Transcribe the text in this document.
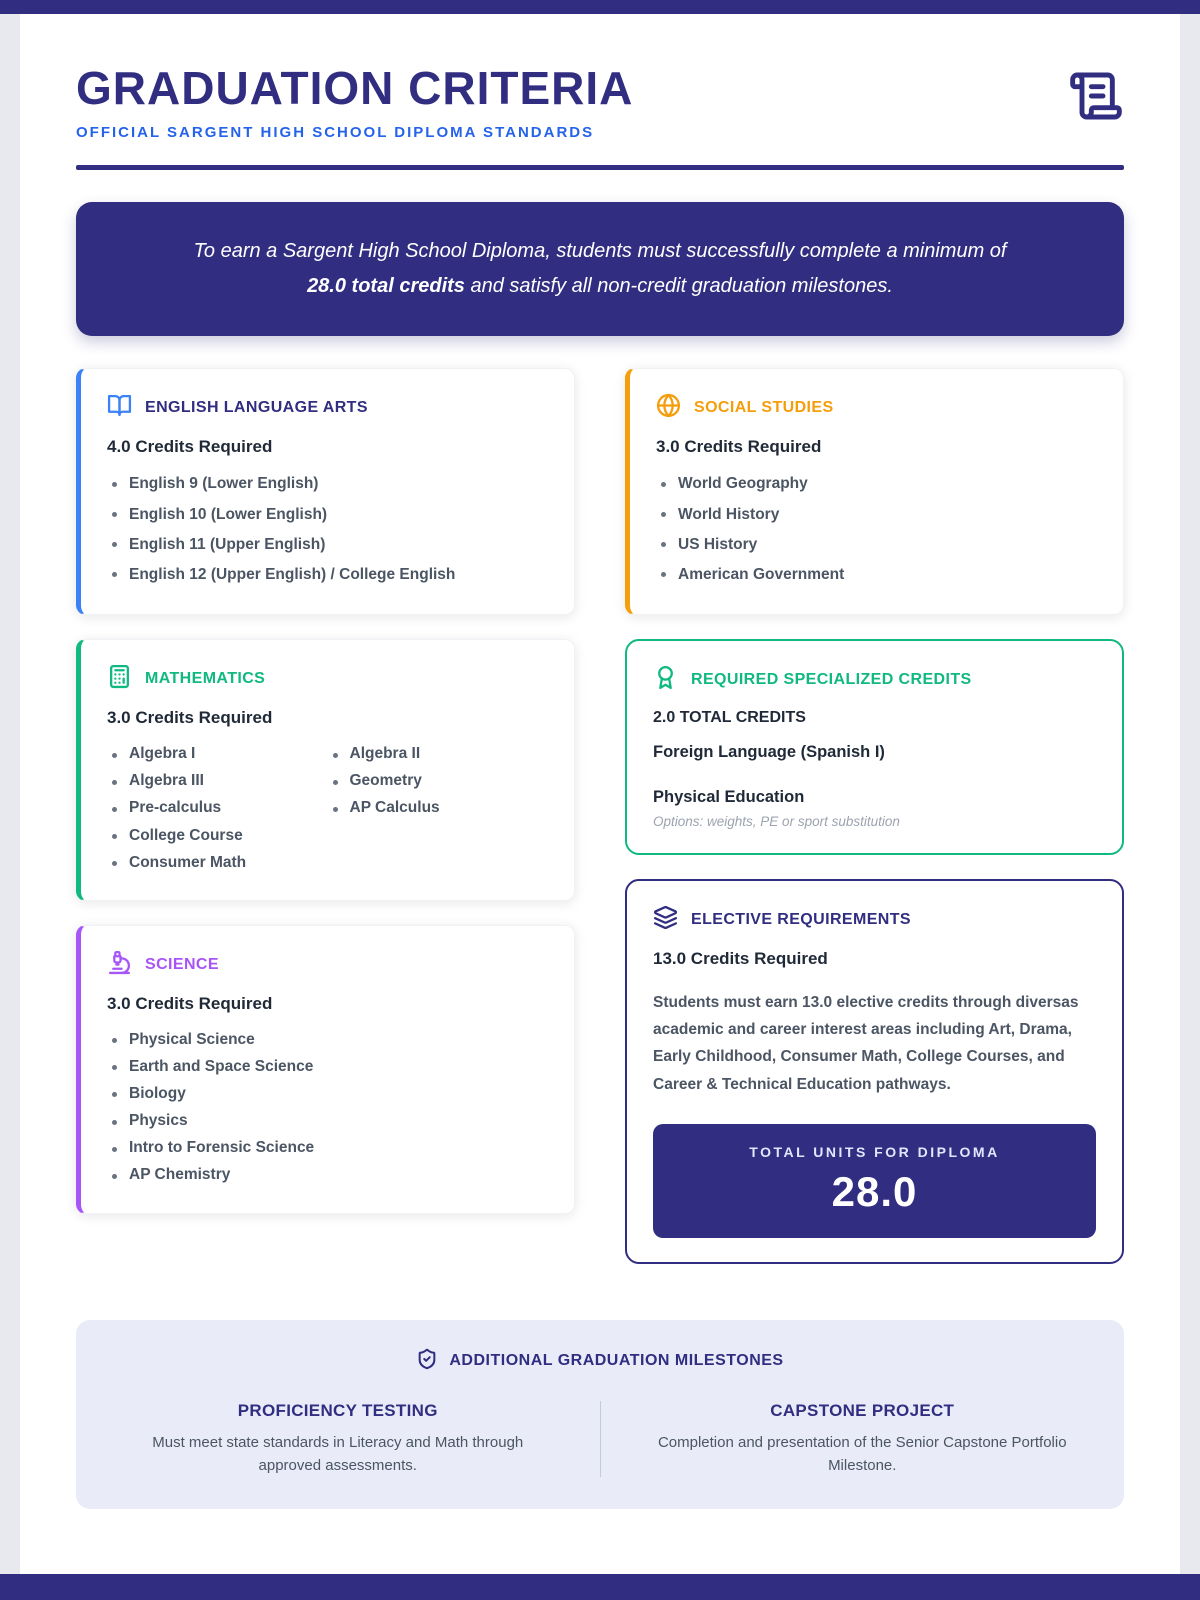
GRADUATION CRITERIA
OFFICIAL SARGENT HIGH SCHOOL DIPLOMA STANDARDS
To earn a Sargent High School Diploma, students must successfully complete a minimum of
28.0 total credits and satisfy all non-credit graduation milestones.
ENGLISH LANGUAGE ARTS
4.0 Credits Required
English 9 (Lower English)
English 10 (Lower English)
English 11 (Upper English)
English 12 (Upper English) / College English
MATHEMATICS
3.0 Credits Required
Algebra I
Algebra III
Pre-calculus
College Course
Consumer Math
Algebra II
Geometry
AP Calculus
SCIENCE
3.0 Credits Required
Physical Science
Earth and Space Science
Biology
Physics
Intro to Forensic Science
AP Chemistry
SOCIAL STUDIES
3.0 Credits Required
World Geography
World History
US History
American Government
REQUIRED SPECIALIZED CREDITS
2.0 TOTAL CREDITS
Foreign Language (Spanish I)
Physical Education
Options: weights, PE or sport substitution
ELECTIVE REQUIREMENTS
13.0 Credits Required

Students must earn 13.0 elective credits through diversas academic and career interest areas including Art, Drama, Early Childhood, Consumer Math, College Courses, and Career & Technical Education pathways.

TOTAL UNITS FOR DIPLOMA
28.0
ADDITIONAL GRADUATION MILESTONES
PROFICIENCY TESTING
Must meet state standards in Literacy and Math through approved assessments.
CAPSTONE PROJECT
Completion and presentation of the Senior Capstone Portfolio Milestone.
